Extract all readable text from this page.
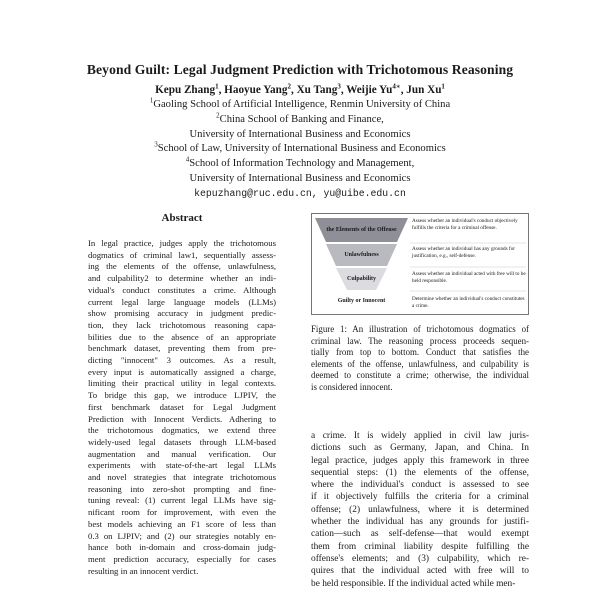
Beyond Guilt: Legal Judgment Prediction with Trichotomous Reasoning
Kepu Zhang$^1$, Haoyue Yang$^2$, Xu Tang$^3$, Weijie $Yu^{4∗}$, Jun Xu$^1$
$^1$Gaoling School of Artificial Intelligence, Renmin University of China
$^2$China School of Banking and Finance,
University of International Business and Economics
$^3$School of Law, University of International Business and Economics
$^4$School of Information Technology and Management,
University of International Business and Economics
kepuzhang@ruc.edu.cn, yu@uibe.edu.cn
Abstract
In legal practice, judges apply the trichotomous
dogmatics of criminal law1, sequentially assess-
ing the elements of the offense, unlawfulness,
and culpability2 to determine whether an indi-
vidual's conduct constitutes a crime. Although
current legal large language models (LLMs)
show promising accuracy in judgment predic-
tion, they lack trichotomous reasoning capa-
bilities due to the absence of an appropriate
benchmark dataset, preventing them from pre-
dicting "innocent" 3 outcomes. As a result,
every input is automatically assigned a charge,
limiting their practical utility in legal contexts.
To bridge this gap, we introduce LJPIV, the
first benchmark dataset for Legal Judgment
Prediction with Innocent Verdicts. Adhering to
the trichotomous dogmatics, we extend three
widely-used legal datasets through LLM-based
augmentation and manual verification. Our
experiments with state-of-the-art legal LLMs
and novel strategies that integrate trichotomous
reasoning into zero-shot prompting and fine-
tuning reveal: (1) current legal LLMs have sig-
nificant room for improvement, with even the
best models achieving an F1 score of less than
0.3 on LJPIV; and (2) our strategies notably en-
hance both in-domain and cross-domain judg-
ment prediction accuracy, especially for cases
resulting in an innocent verdict.
the Elements of the Offense
Unlawfulness
Culpability
Guilty or Innocent
Assess whether an individual's conduct objectively fulfills the criteria for a criminal offense.
Assess whether an individual has any grounds for justification, e.g., self-defense.
Assess whether an individual acted with free will to be held responsible.
Determine whether an individual's conduct constitutes a crime.
Figure 1: An illustration of trichotomous dogmatics of
criminal law. The reasoning process proceeds sequen-
tially from top to bottom. Conduct that satisfies the
elements of the offense, unlawfulness, and culpability is
deemed to constitute a crime; otherwise, the individual
is considered innocent.
a crime. It is widely applied in civil law juris-
dictions such as Germany, Japan, and China. In
legal practice, judges apply this framework in three
sequential steps: (1) the elements of the offense,
where the individual's conduct is assessed to see
if it objectively fulfills the criteria for a criminal
offense; (2) unlawfulness, where it is determined
whether the individual has any grounds for justifi-
cation—such as self-defense—that would exempt
them from criminal liability despite fulfilling the
offense's elements; and (3) culpability, which re-
quires that the individual acted with free will to
be held responsible. If the individual acted while men-
